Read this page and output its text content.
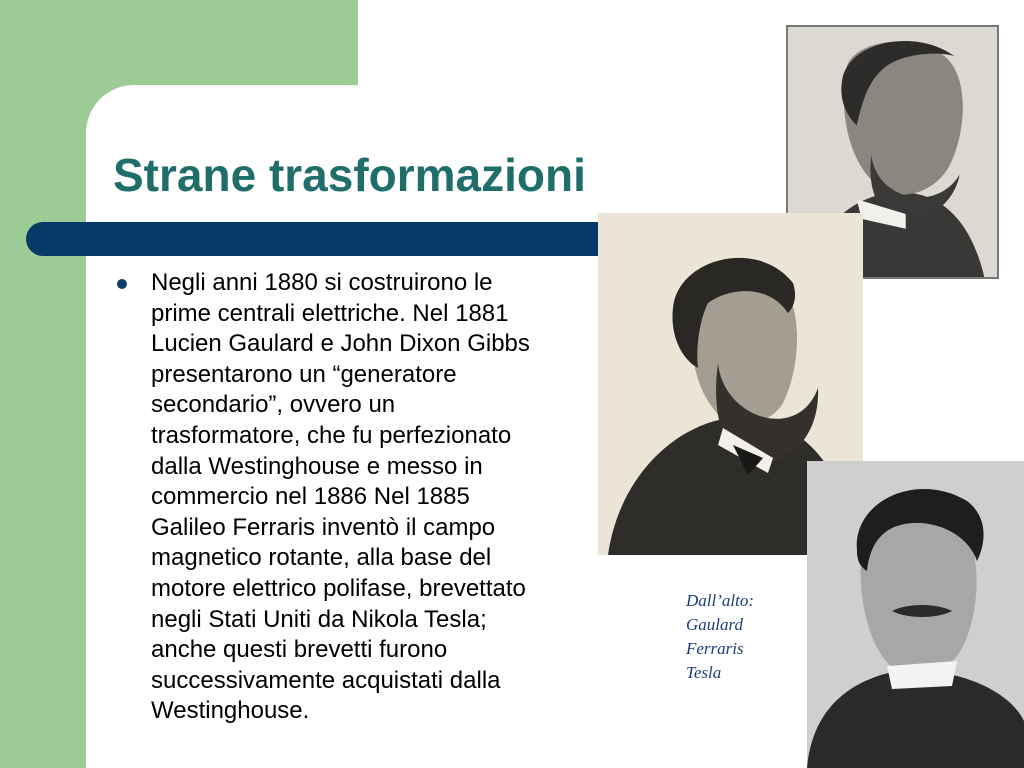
Strane trasformazioni
Negli anni 1880 si costruirono le
prime centrali elettriche. Nel 1881
Lucien Gaulard e John Dixon Gibbs
presentarono un “generatore
secondario”, ovvero un
trasformatore, che fu perfezionato
dalla Westinghouse e messo in
commercio nel 1886 Nel 1885
Galileo Ferraris inventò il campo
magnetico rotante, alla base del
motore elettrico polifase, brevettato
negli Stati Uniti da Nikola Tesla;
anche questi brevetti furono
successivamente acquistati dalla
Westinghouse.
Dall’alto:
Gaulard
Ferraris
Tesla
